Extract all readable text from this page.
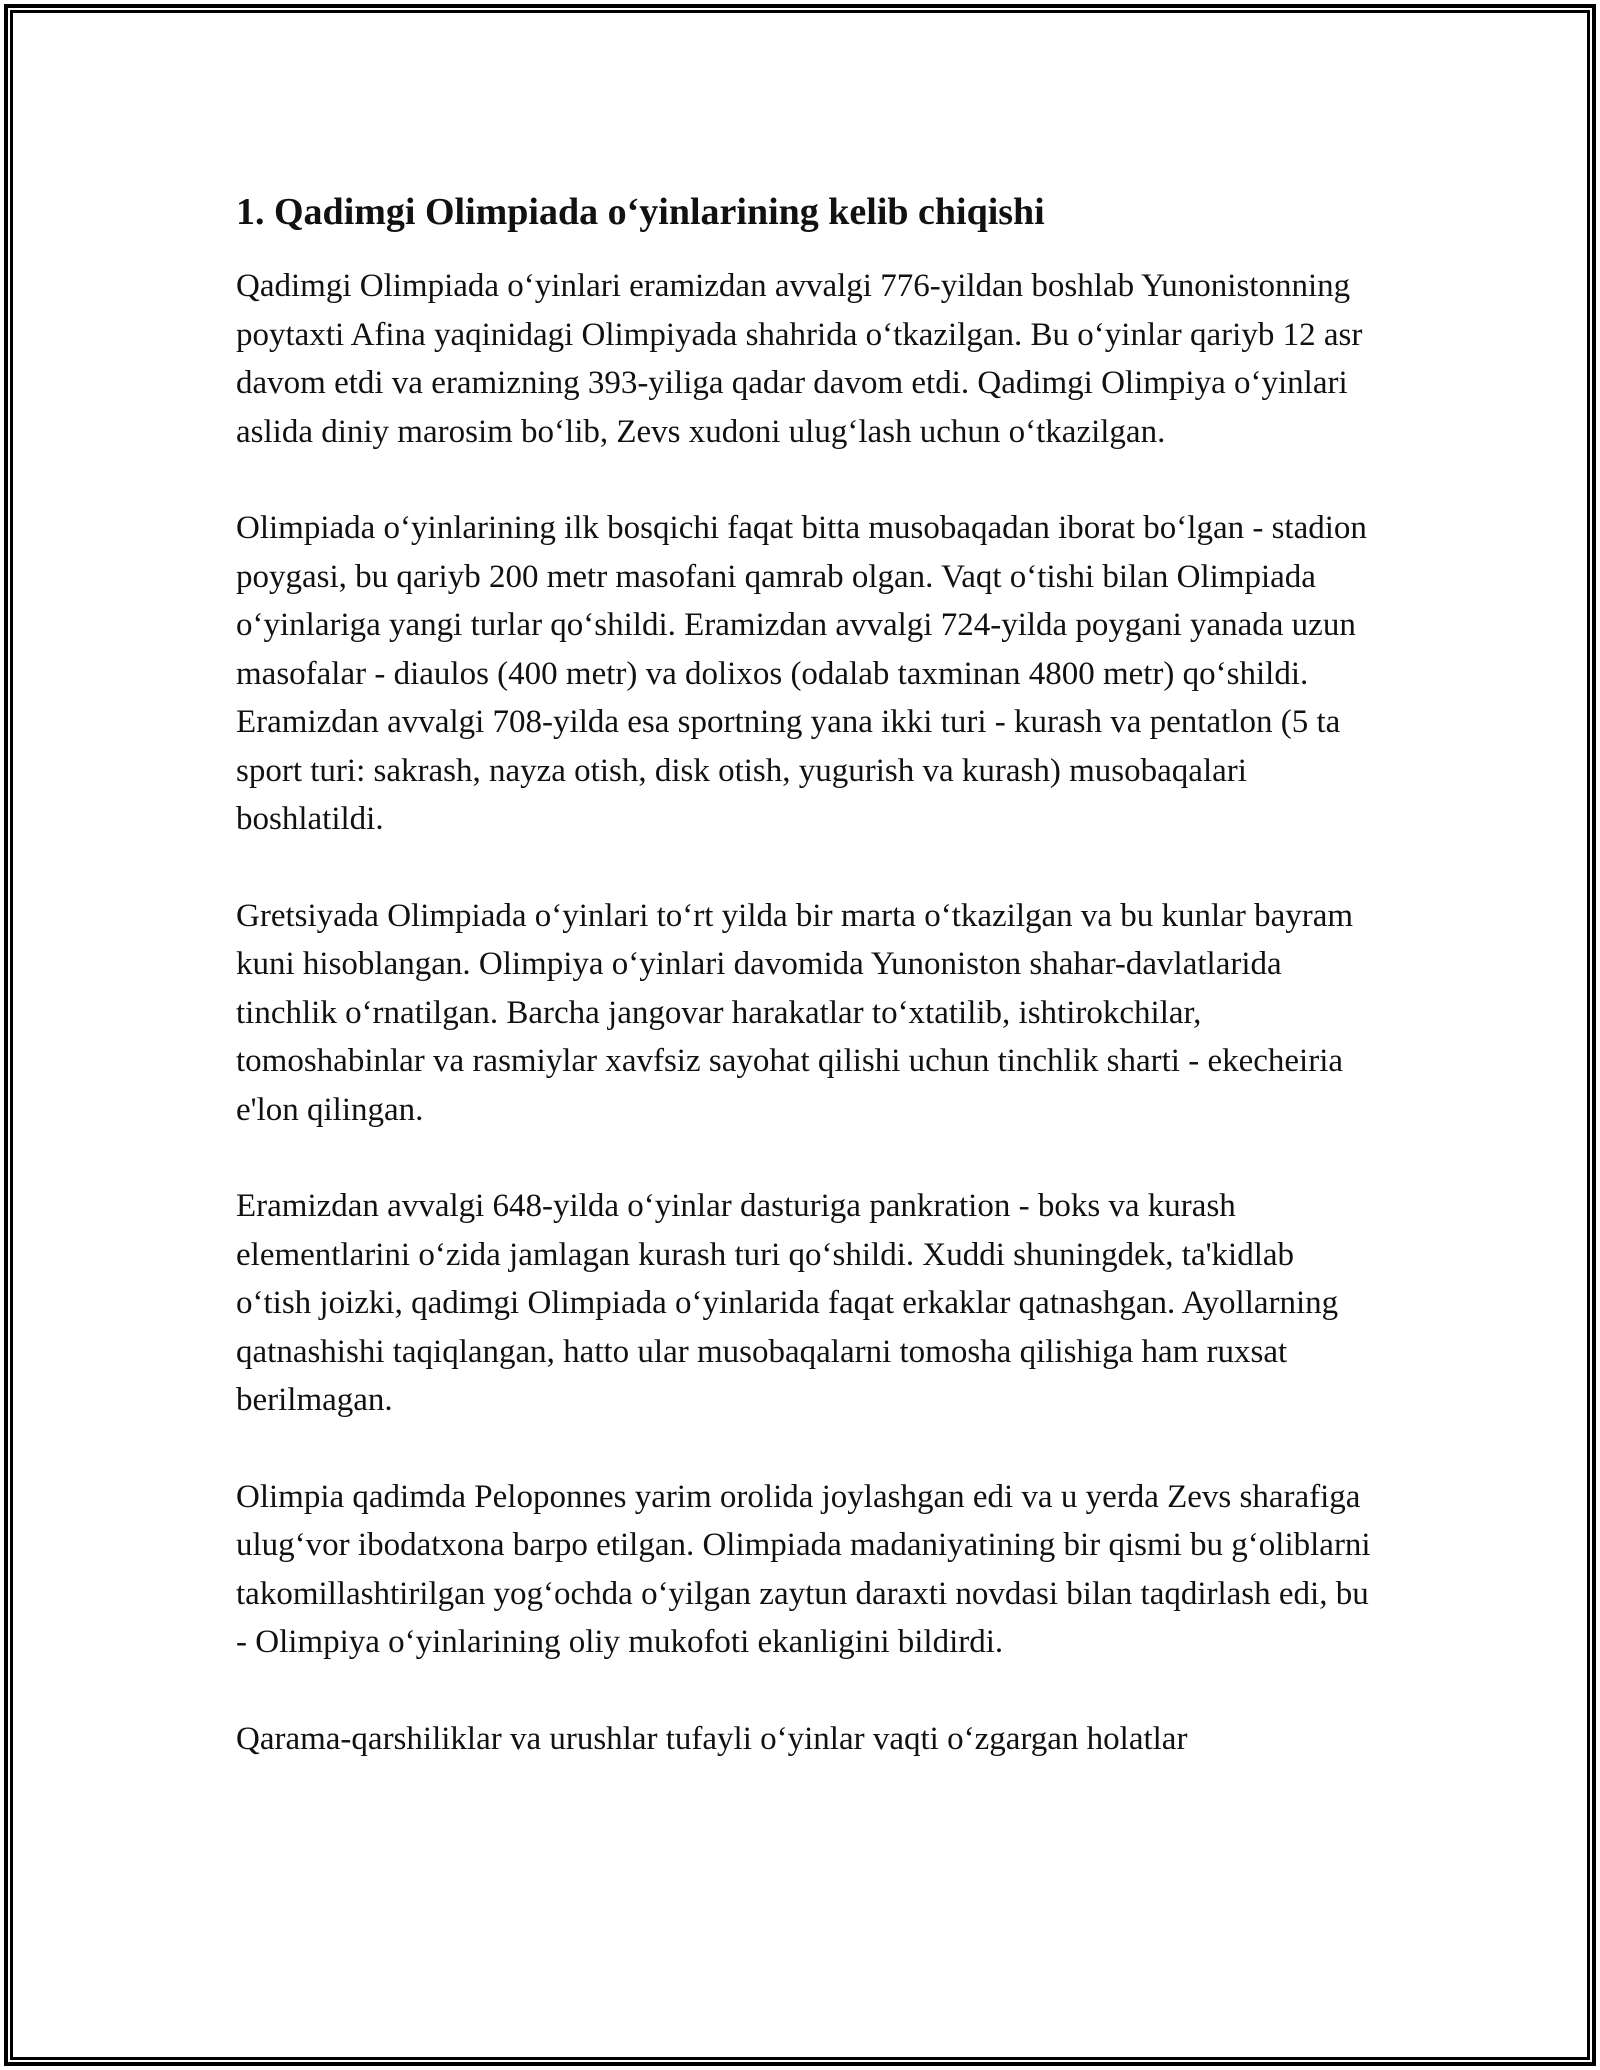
1. Qadimgi Olimpiada o‘yinlarining kelib chiqishi

Qadimgi Olimpiada o‘yinlari eramizdan avvalgi 776-yildan boshlab Yunonistonning poytaxti Afina yaqinidagi Olimpiyada shahrida o‘tkazilgan. Bu o‘yinlar qariyb 12 asr davom etdi va eramizning 393-yiliga qadar davom etdi. Qadimgi Olimpiya o‘yinlari aslida diniy marosim bo‘lib, Zevs xudoni ulug‘lash uchun o‘tkazilgan.

Olimpiada o‘yinlarining ilk bosqichi faqat bitta musobaqadan iborat bo‘lgan - stadion poygasi, bu qariyb 200 metr masofani qamrab olgan. Vaqt o‘tishi bilan Olimpiada o‘yinlariga yangi turlar qo‘shildi. Eramizdan avvalgi 724-yilda poygani yanada uzun masofalar - diaulos (400 metr) va dolixos (odalab taxminan 4800 metr) qo‘shildi. Eramizdan avvalgi 708-yilda esa sportning yana ikki turi - kurash va pentatlon (5 ta sport turi: sakrash, nayza otish, disk otish, yugurish va kurash) musobaqalari boshlatildi.

Gretsiyada Olimpiada o‘yinlari to‘rt yilda bir marta o‘tkazilgan va bu kunlar bayram kuni hisoblangan. Olimpiya o‘yinlari davomida Yunoniston shahar-davlatlarida tinchlik o‘rnatilgan. Barcha jangovar harakatlar to‘xtatilib, ishtirokchilar, tomoshabinlar va rasmiylar xavfsiz sayohat qilishi uchun tinchlik sharti - ekecheiria e'lon qilingan.

Eramizdan avvalgi 648-yilda o‘yinlar dasturiga pankration - boks va kurash elementlarini o‘zida jamlagan kurash turi qo‘shildi. Xuddi shuningdek, ta'kidlab o‘tish joizki, qadimgi Olimpiada o‘yinlarida faqat erkaklar qatnashgan. Ayollarning qatnashishi taqiqlangan, hatto ular musobaqalarni tomosha qilishiga ham ruxsat berilmagan.

Olimpia qadimda Peloponnes yarim orolida joylashgan edi va u yerda Zevs sharafiga ulug‘vor ibodatxona barpo etilgan. Olimpiada madaniyatining bir qismi bu g‘oliblarni takomillashtirilgan yog‘ochda o‘yilgan zaytun daraxti novdasi bilan taqdirlash edi, bu - Olimpiya o‘yinlarining oliy mukofoti ekanligini bildirdi.

Qarama-qarshiliklar va urushlar tufayli o‘yinlar vaqti o‘zgargan holatlar
